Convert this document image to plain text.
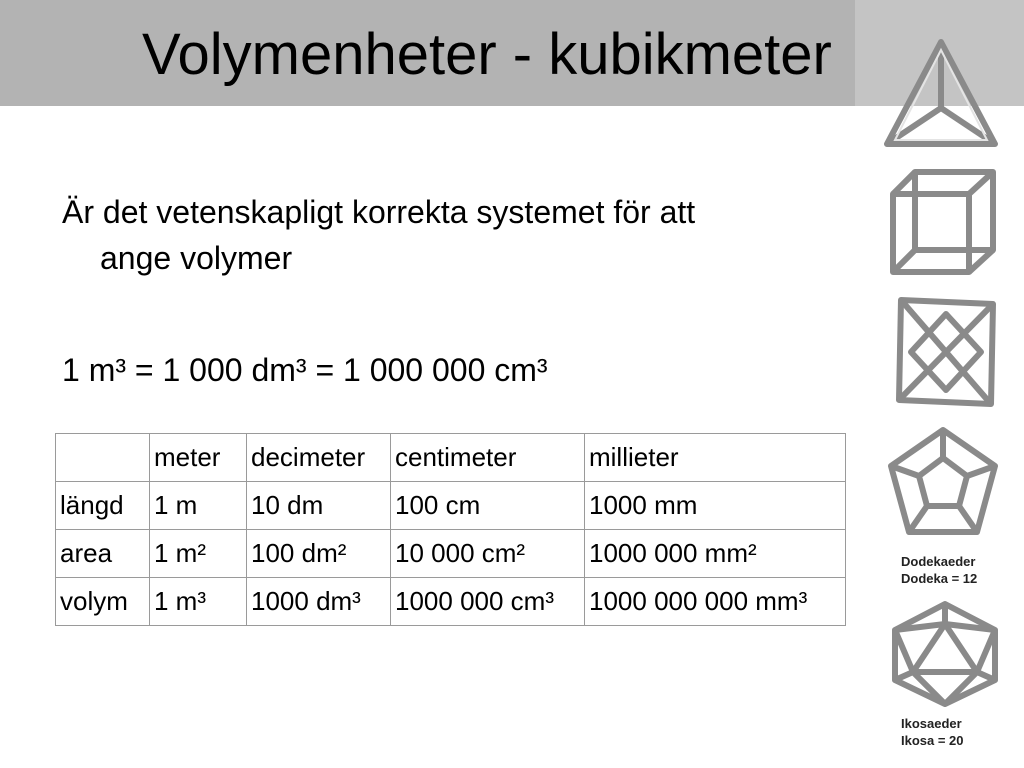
Volymenheter - kubikmeter
Är det vetenskapligt korrekta systemet för att
ange volymer
1 m³ = 1 000 dm³ = 1 000 000 cm³
	meter	decimeter	centimeter	millieter
längd	1 m	10 dm	100 cm	1000 mm
area	1 m²	100 dm²	10 000 cm²	1000 000 mm²
volym	1 m³	1000 dm³	1000 000 cm³	1000 000 000 mm³
Dodekaeder
Dodeka = 12
Ikosaeder
Ikosa = 20
